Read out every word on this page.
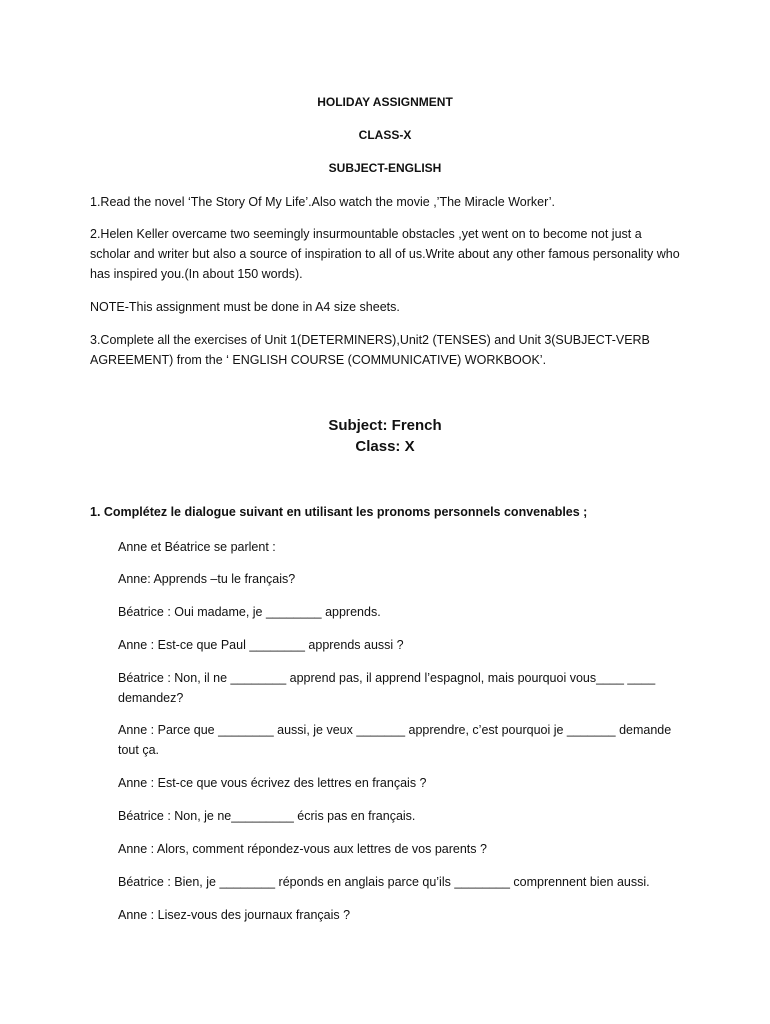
HOLIDAY ASSIGNMENT
CLASS-X
SUBJECT-ENGLISH
1.Read the novel ‘The Story Of My Life’.Also watch the movie ,’The Miracle Worker’.
2.Helen Keller overcame two seemingly insurmountable obstacles ,yet went on to become not just a scholar and writer but also a source of inspiration to all of us.Write about any other famous personality who has inspired you.(In about 150 words).
NOTE-This assignment must be done in A4 size sheets.
3.Complete all the exercises of Unit 1(DETERMINERS),Unit2 (TENSES) and Unit 3(SUBJECT-VERB AGREEMENT) from the ‘ ENGLISH COURSE (COMMUNICATIVE) WORKBOOK’.
Subject: French
Class: X
1. Complétez le dialogue suivant en utilisant les pronoms personnels convenables ;
Anne et Béatrice se parlent :
Anne: Apprends –tu le français?
Béatrice : Oui madame, je ________ apprends.
Anne : Est-ce que Paul ________ apprends aussi ?
Béatrice : Non, il ne ________ apprend pas, il apprend l’espagnol, mais pourquoi vous____ ____ demandez?
Anne : Parce que ________ aussi, je veux _______ apprendre, c’est pourquoi je _______ demande tout ça.
Anne : Est-ce que vous écrivez des lettres en français ?
Béatrice : Non, je ne_________ écris pas en français.
Anne : Alors, comment répondez-vous aux lettres de vos parents ?
Béatrice : Bien, je ________ réponds en anglais parce qu’ils ________ comprennent bien aussi.
Anne : Lisez-vous des journaux français ?
